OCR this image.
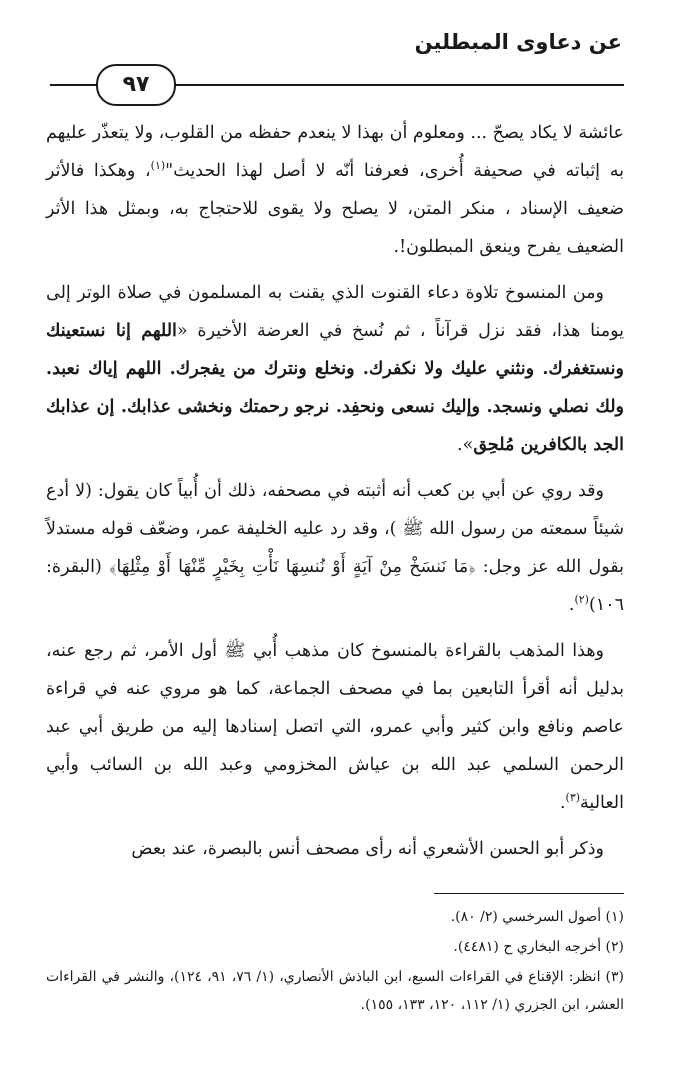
عن دعاوى المبطلين
٩٧

عائشة لا يكاد يصحّ ... ومعلوم أن بهذا لا ينعدم حفظه من القلوب، ولا يتعذّر عليهم به إثباته في صحيفة أُخرى، فعرفنا أنّه لا أصل لهذا الحديث"$^{(١)}$، وهكذا فالأثر ضعيف الإسناد ، منكر المتن، لا يصلح ولا يقوى للاحتجاج به، وبمثل هذا الأثر الضعيف يفرح وينعق المبطلون!.

ومن المنسوخ تلاوة دعاء القنوت الذي يقنت به المسلمون في صلاة الوتر إلى يومنا هذا، فقد نزل قرآناً ، ثم نُسخ في العرضة الأخيرة «اللهم إنا نستعينك ونستغفرك. ونثني عليك ولا نكفرك. ونخلع ونترك من يفجرك. اللهم إياك نعبد. ولك نصلي ونسجد. وإليك نسعى ونحفِد. نرجو رحمتك ونخشى عذابك. إن عذابك الجد بالكافرين مُلحِق».

وقد روي عن أبي بن كعب أنه أثبته في مصحفه، ذلك أن أُبياً كان يقول: (لا أدع شيئاً سمعته من رسول الله ﷺ )، وقد رد عليه الخليفة عمر، وضعّف قوله مستدلاً بقول الله عز وجل: ﴿مَا نَنسَخْ مِنْ آيَةٍ أَوْ نُنسِهَا نَأْتِ بِخَيْرٍ مِّنْهَا أَوْ مِثْلِهَا﴾ (البقرة: ١٠٦)$^{(٢)}$.

وهذا المذهب بالقراءة بالمنسوخ كان مذهب أُبي ﷺ أول الأمر، ثم رجع عنه، بدليل أنه أقرأ التابعين بما في مصحف الجماعة، كما هو مروي عنه في قراءة عاصم ونافع وابن كثير وأبي عمرو، التي اتصل إسنادها إليه من طريق أبي عبد الرحمن السلمي عبد الله بن عياش المخزومي وعبد الله بن السائب وأبي العالية$^{(٣)}$.

وذكر أبو الحسن الأشعري أنه رأى مصحف أنس بالبصرة، عند بعض

(١) أصول السرخسي (٢/ ٨٠).
(٢) أخرجه البخاري ح (٤٤٨١).
(٣) انظر: الإقناع في القراءات السبع، ابن الباذش الأنصاري، (١/ ٧٦، ٩١، ١٢٤)، والنشر في القراءات العشر، ابن الجزري (١/ ١١٢، ١٢٠، ١٣٣، ١٥٥).
